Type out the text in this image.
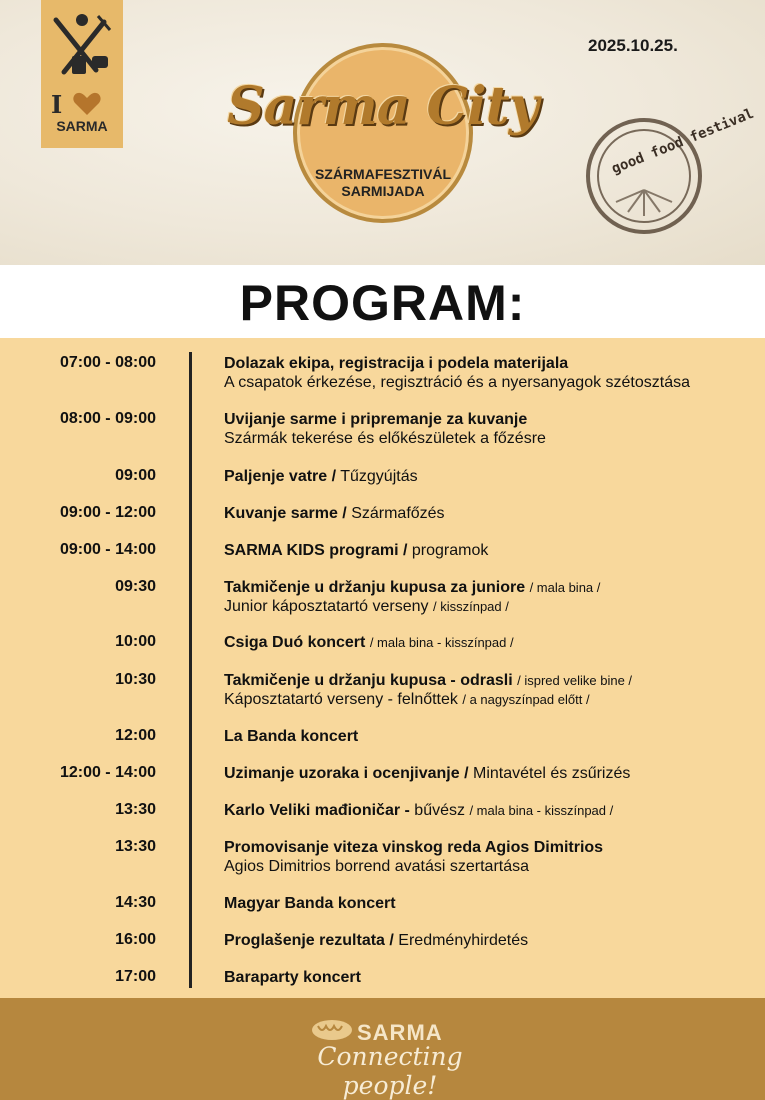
I
SARMA
2025.10.25.
Sarma City
SZÁRMAFESZTIVÁL
SARMIJADA
good food festival
PROGRAM:
07:00 - 08:00	Dolazak ekipa, registracija i podela materijala
A csapatok érkezése, regisztráció és a nyersanyagok szétosztása
08:00 - 09:00	Uvijanje sarme i pripremanje za kuvanje
Szármák tekerése és előkészületek a főzésre
09:00	Paljenje vatre / Tűzgyújtás
09:00 - 12:00	Kuvanje sarme / Szármafőzés
09:00 - 14:00	SARMA KIDS programi / programok
09:30	Takmičenje u držanju kupusa za juniore / mala bina /
Junior káposztatartó verseny / kisszínpad /
10:00	Csiga Duó koncert / mala bina - kisszínpad /
10:30	Takmičenje u držanju kupusa - odrasli / ispred velike bine /
Káposztatartó verseny - felnőttek / a nagyszínpad előtt /
12:00	La Banda koncert
12:00 - 14:00	Uzimanje uzoraka i ocenjivanje / Mintavétel és zsűrizés
13:30	Karlo Veliki mađioničar - bűvész / mala bina - kisszínpad /
13:30	Promovisanje viteza vinskog reda Agios Dimitrios
Agios Dimitrios borrend avatási szertartása
14:30	Magyar Banda koncert
16:00	Proglašenje rezultata / Eredményhirdetés
17:00	Baraparty koncert
SARMA
Connecting people!
